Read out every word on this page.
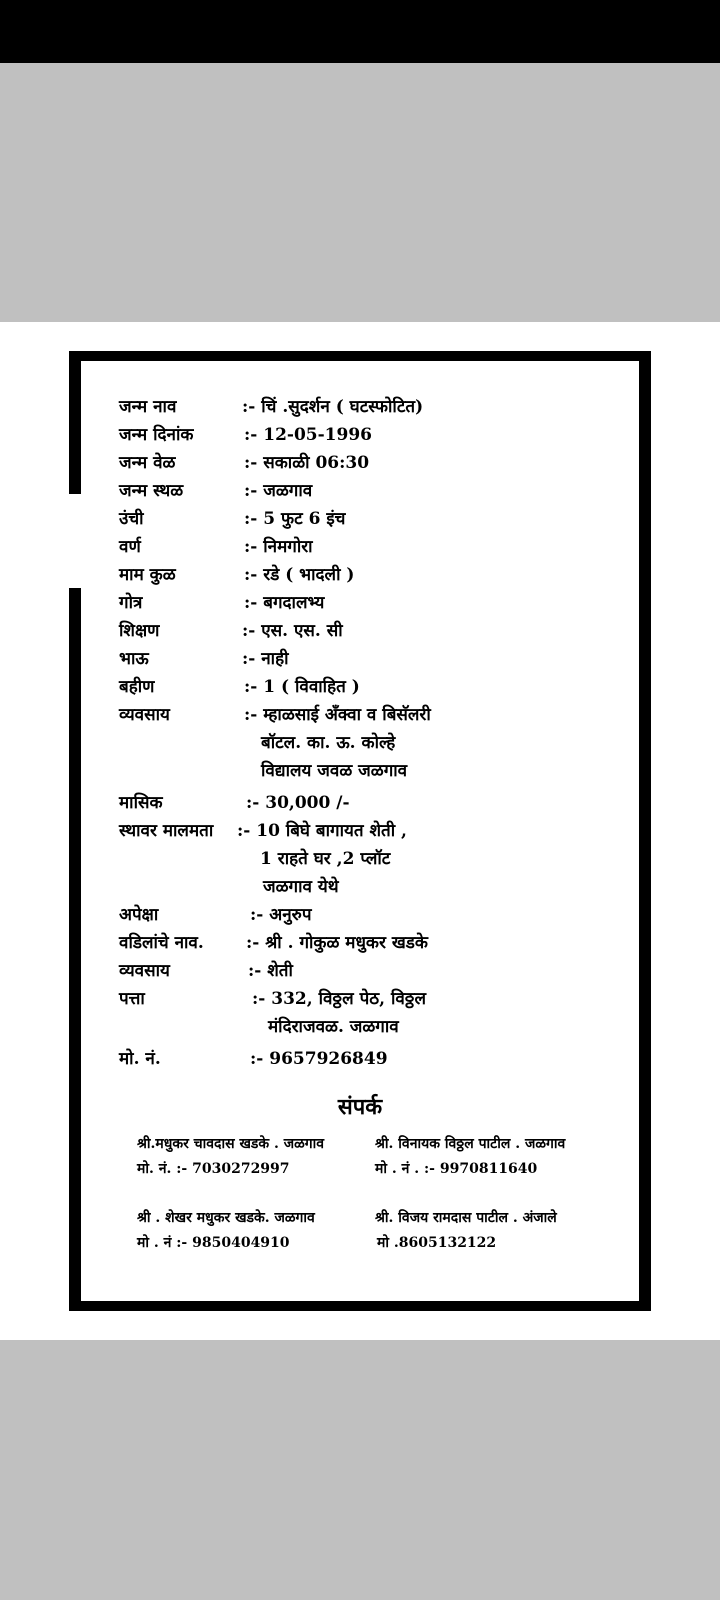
जन्म नाव	:- चिं .सुदर्शन ( घटस्फोटित)
जन्म दिनांक	:- 12-05-1996
जन्म वेळ	:- सकाळी 06:30
जन्म स्थळ	:- जळगाव
उंची	:- 5 फुट 6 इंच
वर्ण	:- निमगोरा
माम कुळ	:- रडे ( भादली )
गोत्र	:- बगदालभ्य
शिक्षण	:- एस. एस. सी
भाऊ	:- नाही
बहीण	:- 1 ( विवाहित )
व्यवसाय	:- म्हाळसाई अँक्वा व बिसॅलरी
बॉटल. का. ऊ. कोल्हे
विद्यालय जवळ जळगाव
मासिक	:- 30,000 /-
स्थावर मालमता :- 10 बिघे बागायत शेती ,
1 राहते घर ,2 प्लॉट
जळगाव येथे
अपेक्षा	:- अनुरुप
वडिलांचे नाव. :- श्री . गोकुळ मधुकर खडके
व्यवसाय	:- शेती
पत्ता	:- 332, विठ्ठल पेठ, विठ्ठल
मंदिराजवळ. जळगाव
मो. नं.	:- 9657926849
संपर्क
श्री.मधुकर चावदास खडके . जळगाव
मो. नं. :- 7030272997
श्री. विनायक विठ्ठल पाटील . जळगाव
मो . नं . :- 9970811640
श्री . शेखर मधुकर खडके. जळगाव
मो . नं :- 9850404910
श्री. विजय रामदास पाटील . अंजाले
मो .8605132122
